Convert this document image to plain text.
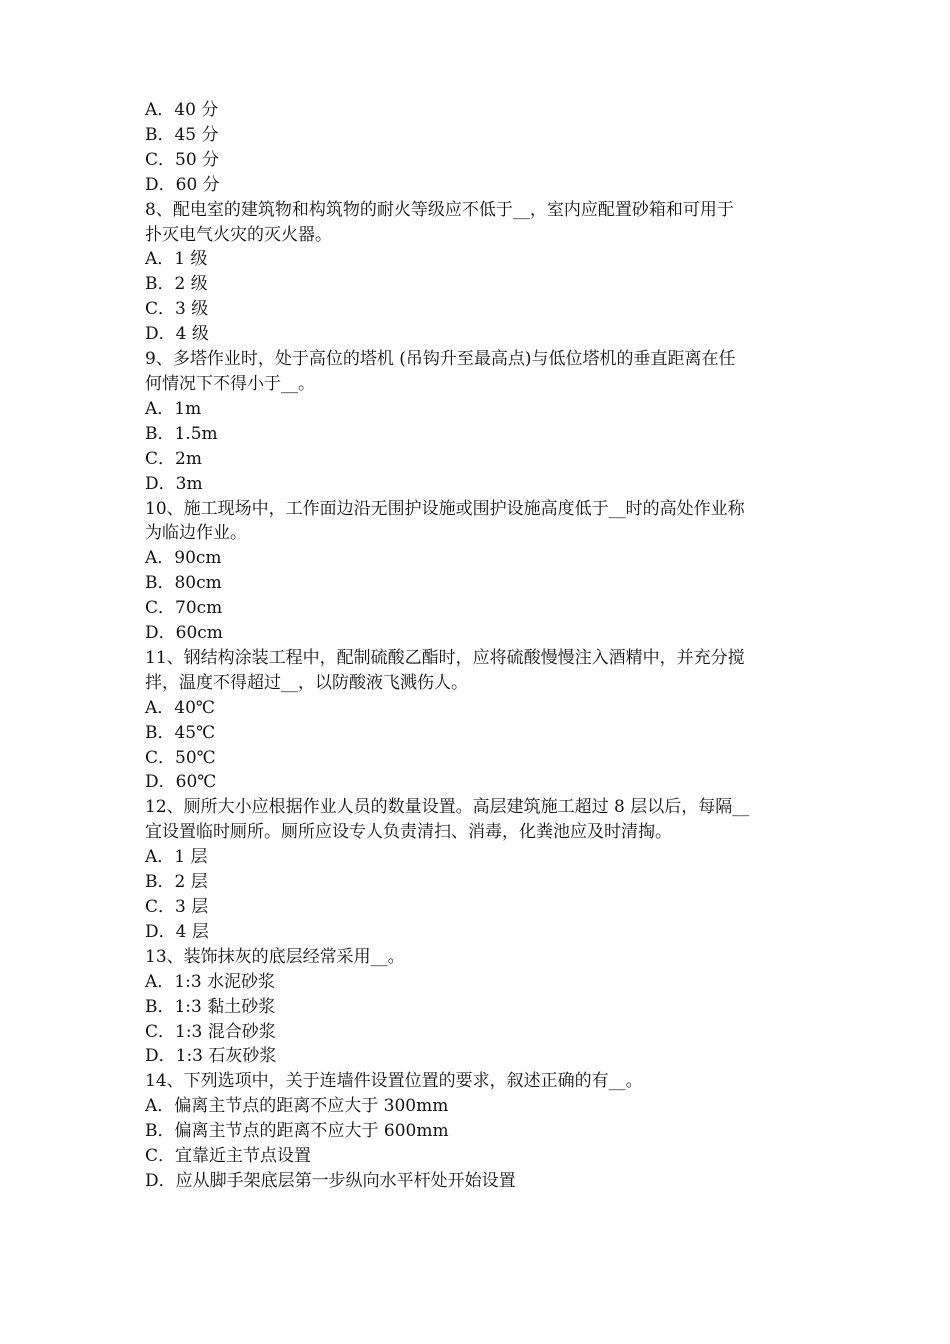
A．40 分

B．45 分

C．50 分

D．60 分

8、配电室的建筑物和构筑物的耐火等级应不低于__，室内应配置砂箱和可用于

扑灭电气火灾的灭火器。

A．1 级

B．2 级

C．3 级

D．4 级

9、多塔作业时，处于高位的塔机 (吊钩升至最高点)与低位塔机的垂直距离在任

何情况下不得小于__。

A．1m

B．1.5m

C．2m

D．3m

10、施工现场中，工作面边沿无围护设施或围护设施高度低于__时的高处作业称

为临边作业。

A．90cm

B．80cm

C．70cm

D．60cm

11、钢结构涂装工程中，配制硫酸乙酯时，应将硫酸慢慢注入酒精中，并充分搅

拌，温度不得超过__，以防酸液飞溅伤人。

A．40℃

B．45℃

C．50℃

D．60℃

12、厕所大小应根据作业人员的数量设置。高层建筑施工超过 8 层以后，每隔__

宜设置临时厕所。厕所应设专人负责清扫、消毒，化粪池应及时清掏。

A．1 层

B．2 层

C．3 层

D．4 层

13、装饰抹灰的底层经常采用__。

A．1:3 水泥砂浆

B．1:3 黏土砂浆

C．1:3 混合砂浆

D．1:3 石灰砂浆

14、下列选项中，关于连墙件设置位置的要求，叙述正确的有__。

A．偏离主节点的距离不应大于 300mm

B．偏离主节点的距离不应大于 600mm

C．宜靠近主节点设置

D．应从脚手架底层第一步纵向水平杆处开始设置
